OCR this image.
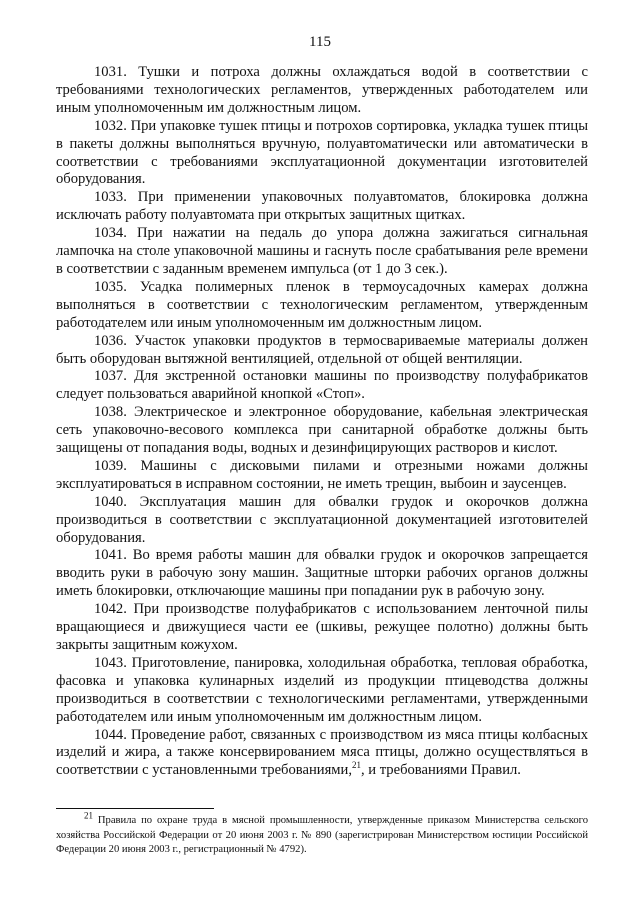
115

1031. Тушки и потроха должны охлаждаться водой в соответствии с требованиями технологических регламентов, утвержденных работодателем или иным уполномоченным им должностным лицом.

1032. При упаковке тушек птицы и потрохов сортировка, укладка тушек птицы в пакеты должны выполняться вручную, полуавтоматически или автоматически в соответствии с требованиями эксплуатационной документации изготовителей оборудования.

1033. При применении упаковочных полуавтоматов, блокировка должна исключать работу полуавтомата при открытых защитных щитках.

1034. При нажатии на педаль до упора должна зажигаться сигнальная лампочка на столе упаковочной машины и гаснуть после срабатывания реле времени в соответствии с заданным временем импульса (от 1 до 3 сек.).

1035. Усадка полимерных пленок в термоусадочных камерах должна выполняться в соответствии с технологическим регламентом, утвержденным работодателем или иным уполномоченным им должностным лицом.

1036. Участок упаковки продуктов в термосвариваемые материалы должен быть оборудован вытяжной вентиляцией, отдельной от общей вентиляции.

1037. Для экстренной остановки машины по производству полуфабрикатов следует пользоваться аварийной кнопкой «Стоп».

1038. Электрическое и электронное оборудование, кабельная электрическая сеть упаковочно-весового комплекса при санитарной обработке должны быть защищены от попадания воды, водных и дезинфицирующих растворов и кислот.

1039. Машины с дисковыми пилами и отрезными ножами должны эксплуатироваться в исправном состоянии, не иметь трещин, выбоин и заусенцев.

1040. Эксплуатация машин для обвалки грудок и окорочков должна производиться в соответствии с эксплуатационной документацией изготовителей оборудования.

1041. Во время работы машин для обвалки грудок и окорочков запрещается вводить руки в рабочую зону машин. Защитные шторки рабочих органов должны иметь блокировки, отключающие машины при попадании рук в рабочую зону.

1042. При производстве полуфабрикатов с использованием ленточной пилы вращающиеся и движущиеся части ее (шкивы, режущее полотно) должны быть закрыты защитным кожухом.

1043. Приготовление, панировка, холодильная обработка, тепловая обработка, фасовка и упаковка кулинарных изделий из продукции птицеводства должны производиться в соответствии с технологическими регламентами, утвержденными работодателем или иным уполномоченным им должностным лицом.

1044. Проведение работ, связанных с производством из мяса птицы колбасных изделий и жира, а также консервированием мяса птицы, должно осуществляться в соответствии с установленными требованиями,$^{21}$, и требованиями Правил.

$^{21}$ Правила по охране труда в мясной промышленности, утвержденные приказом Министерства сельского хозяйства Российской Федерации от 20 июня 2003 г. № 890 (зарегистрирован Министерством юстиции Российской Федерации 20 июня 2003 г., регистрационный № 4792).
